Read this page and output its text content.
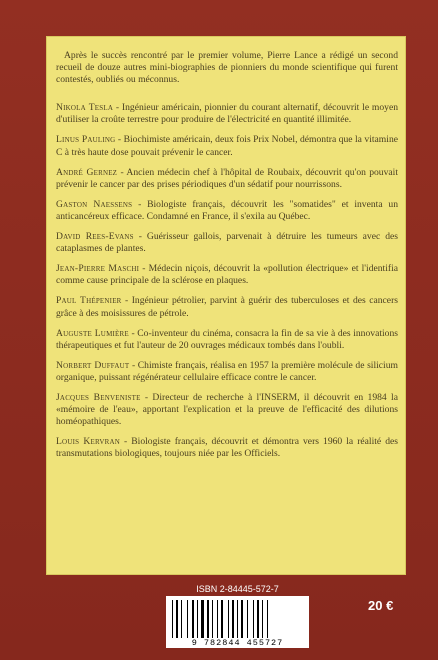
Après le succès rencontré par le premier volume, Pierre Lance a rédigé un second recueil de douze autres mini-biographies de pionniers du monde scientifique qui furent contestés, oubliés ou méconnus.

Nikola Tesla - Ingénieur américain, pionnier du courant alternatif, découvrit le moyen d'utiliser la croûte terrestre pour produire de l'électricité en quantité illimitée.

Linus Pauling - Biochimiste américain, deux fois Prix Nobel, démontra que la vitamine C à très haute dose pouvait prévenir le cancer.

André Gernez - Ancien médecin chef à l'hôpital de Roubaix, découvrit qu'on pouvait prévenir le cancer par des prises périodiques d'un sédatif pour nourrissons.

Gaston Naessens - Biologiste français, découvrit les "somatides" et inventa un anticancéreux efficace. Condamné en France, il s'exila au Québec.

David Rees-Evans - Guérisseur gallois, parvenait à détruire les tumeurs avec des cataplasmes de plantes.

Jean-Pierre Maschi - Médecin niçois, découvrit la «pollution électrique» et l'identifia comme cause principale de la sclérose en plaques.

Paul Thépenier - Ingénieur pétrolier, parvint à guérir des tuberculoses et des cancers grâce à des moisissures de pétrole.

Auguste Lumière - Co-inventeur du cinéma, consacra la fin de sa vie à des innovations thérapeutiques et fut l'auteur de 20 ouvrages médicaux tombés dans l'oubli.

Norbert Duffaut - Chimiste français, réalisa en 1957 la première molécule de silicium organique, puissant régénérateur cellulaire efficace contre le cancer.

Jacques Benveniste - Directeur de recherche à l'INSERM, il découvrit en 1984 la «mémoire de l'eau», apportant l'explication et la preuve de l'efficacité des dilutions homéopathiques.

Louis Kervran - Biologiste français, découvrit et démontra vers 1960 la réalité des transmutations biologiques, toujours niée par les Officiels.

ISBN 2-84445-572-7
9 782844 455727
20 €
